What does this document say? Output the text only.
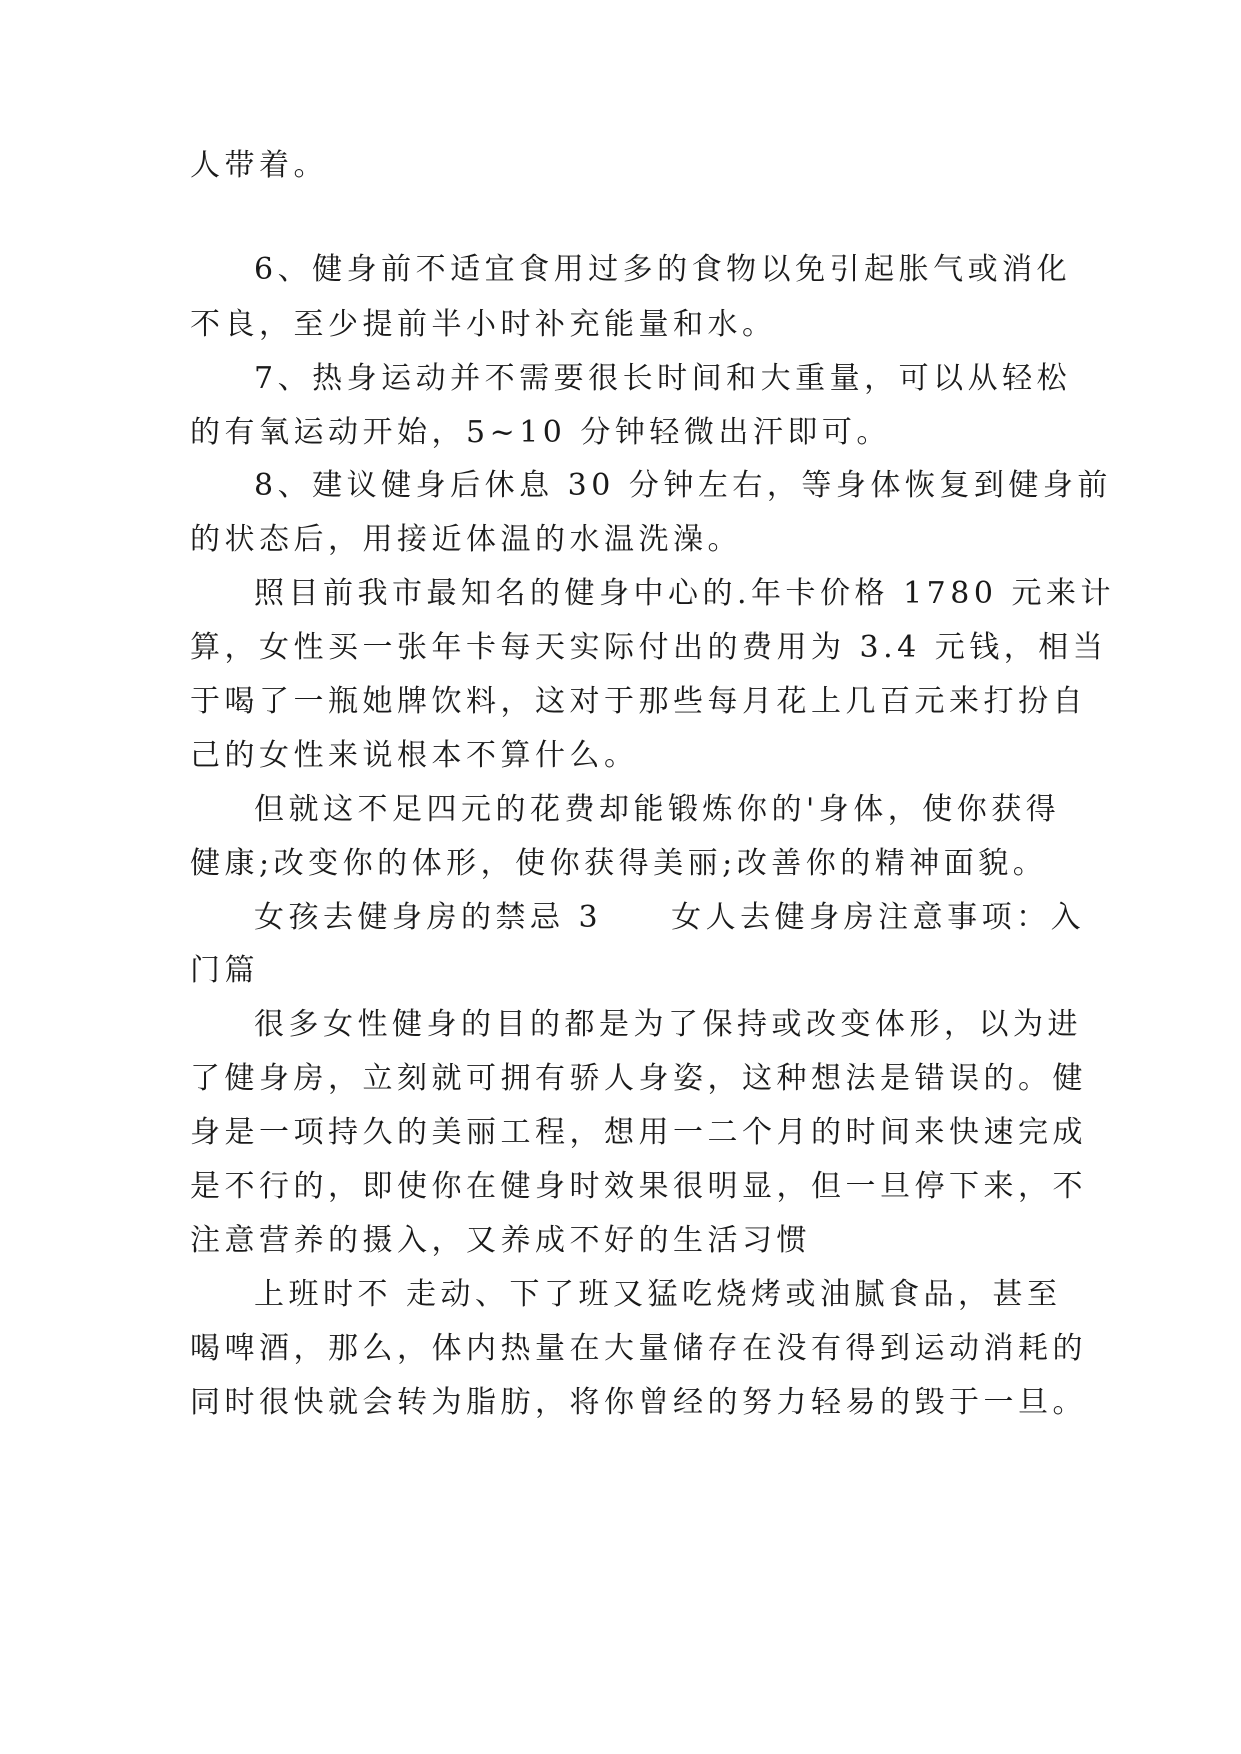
人带着。
6、健身前不适宜食用过多的食物以免引起胀气或消化
不良，至少提前半小时补充能量和水。
7、热身运动并不需要很长时间和大重量，可以从轻松
的有氧运动开始，5~10 分钟轻微出汗即可。
8、建议健身后休息 30 分钟左右，等身体恢复到健身前
的状态后，用接近体温的水温洗澡。
照目前我市最知名的健身中心的.年卡价格 1780 元来计
算，女性买一张年卡每天实际付出的费用为 3.4 元钱，相当
于喝了一瓶她牌饮料，这对于那些每月花上几百元来打扮自
己的女性来说根本不算什么。
但就这不足四元的花费却能锻炼你的'身体，使你获得
健康;改变你的体形，使你获得美丽;改善你的精神面貌。
女孩去健身房的禁忌 3　　女人去健身房注意事项：入
门篇
很多女性健身的目的都是为了保持或改变体形，以为进
了健身房，立刻就可拥有骄人身姿，这种想法是错误的。健
身是一项持久的美丽工程，想用一二个月的时间来快速完成
是不行的，即使你在健身时效果很明显，但一旦停下来，不
注意营养的摄入，又养成不好的生活习惯
上班时不 走动、下了班又猛吃烧烤或油腻食品，甚至
喝啤酒，那么，体内热量在大量储存在没有得到运动消耗的
同时很快就会转为脂肪，将你曾经的努力轻易的毁于一旦。
